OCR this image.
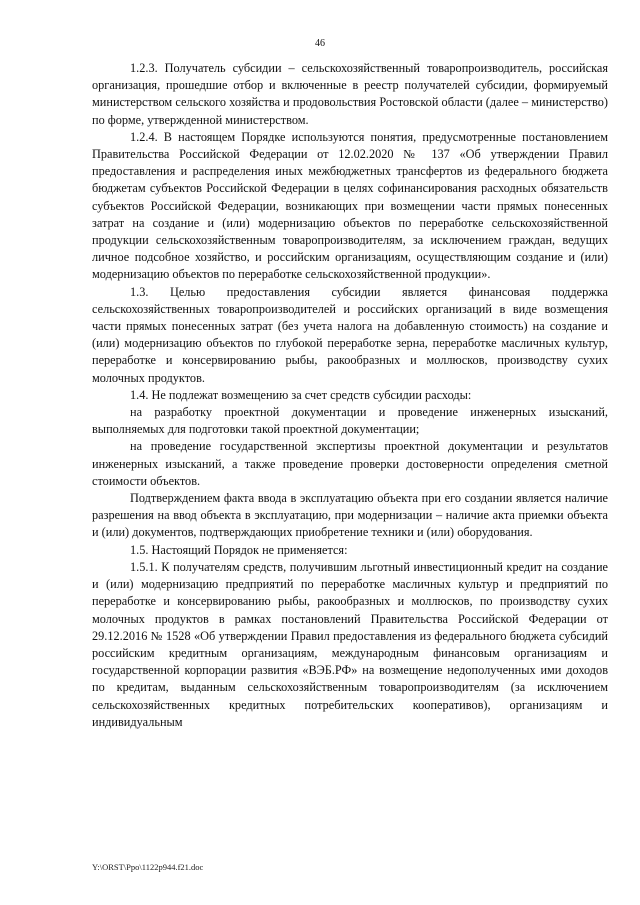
46

1.2.3. Получатель субсидии – сельскохозяйственный товаропроизводитель, российская организация, прошедшие отбор и включенные в реестр получателей субсидии, формируемый министерством сельского хозяйства и продовольствия Ростовской области (далее – министерство) по форме, утвержденной министерством.

1.2.4. В настоящем Порядке используются понятия, предусмотренные постановлением Правительства Российской Федерации от 12.02.2020 № 137 «Об утверждении Правил предоставления и распределения иных межбюджетных трансфертов из федерального бюджета бюджетам субъектов Российской Федерации в целях софинансирования расходных обязательств субъектов Российской Федерации, возникающих при возмещении части прямых понесенных затрат на создание и (или) модернизацию объектов по переработке сельскохозяйственной продукции сельскохозяйственным товаропроизводителям, за исключением граждан, ведущих личное подсобное хозяйство, и российским организациям, осуществляющим создание и (или) модернизацию объектов по переработке сельскохозяйственной продукции».

1.3. Целью предоставления субсидии является финансовая поддержка сельскохозяйственных товаропроизводителей и российских организаций в виде возмещения части прямых понесенных затрат (без учета налога на добавленную стоимость) на создание и (или) модернизацию объектов по глубокой переработке зерна, переработке масличных культур, переработке и консервированию рыбы, ракообразных и моллюсков, производству сухих молочных продуктов.

1.4. Не подлежат возмещению за счет средств субсидии расходы:

на разработку проектной документации и проведение инженерных изысканий, выполняемых для подготовки такой проектной документации;

на проведение государственной экспертизы проектной документации и результатов инженерных изысканий, а также проведение проверки достоверности определения сметной стоимости объектов.

Подтверждением факта ввода в эксплуатацию объекта при его создании является наличие разрешения на ввод объекта в эксплуатацию, при модернизации – наличие акта приемки объекта и (или) документов, подтверждающих приобретение техники и (или) оборудования.

1.5. Настоящий Порядок не применяется:

1.5.1. К получателям средств, получившим льготный инвестиционный кредит на создание и (или) модернизацию предприятий по переработке масличных культур и предприятий по переработке и консервированию рыбы, ракообразных и моллюсков, по производству сухих молочных продуктов в рамках постановлений Правительства Российской Федерации от 29.12.2016 № 1528 «Об утверждении Правил предоставления из федерального бюджета субсидий российским кредитным организациям, международным финансовым организациям и государственной корпорации развития «ВЭБ.РФ» на возмещение недополученных ими доходов по кредитам, выданным сельскохозяйственным товаропроизводителям (за исключением сельскохозяйственных кредитных потребительских кооперативов), организациям и индивидуальным

Y:\ORST\Ppo\1122p944.f21.doc
